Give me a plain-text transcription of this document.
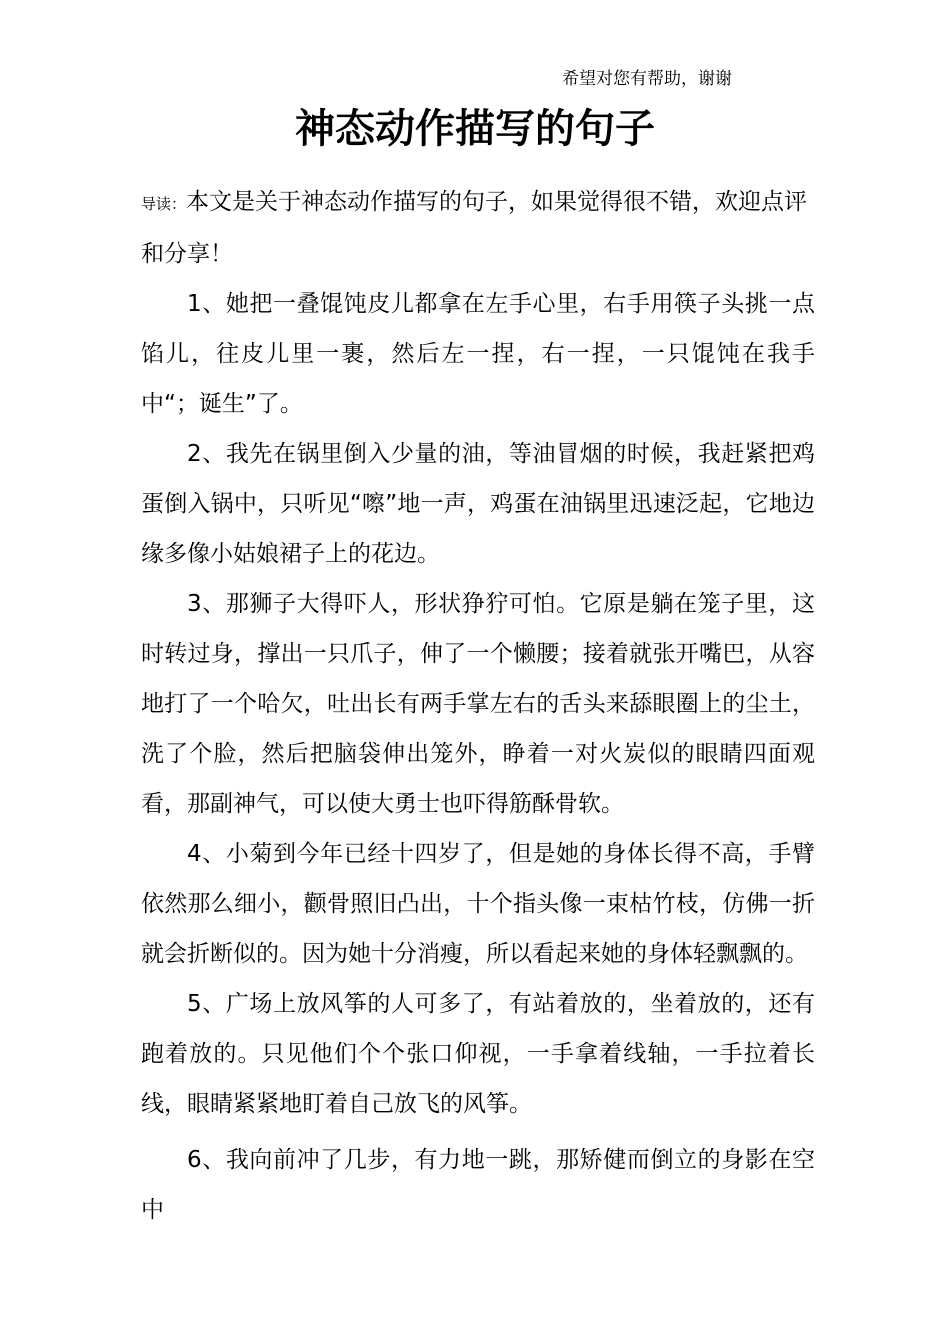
希望对您有帮助，谢谢
神态动作描写的句子

导读：本文是关于神态动作描写的句子，如果觉得很不错，欢迎点评和分享！

1、她把一叠馄饨皮儿都拿在左手心里，右手用筷子头挑一点馅儿，往皮儿里一裹，然后左一捏，右一捏，一只馄饨在我手中“；诞生”了。

2、我先在锅里倒入少量的油，等油冒烟的时候，我赶紧把鸡蛋倒入锅中，只听见“嚓”地一声，鸡蛋在油锅里迅速泛起，它地边缘多像小姑娘裙子上的花边。

3、那狮子大得吓人，形状狰狞可怕。它原是躺在笼子里，这时转过身，撑出一只爪子，伸了一个懒腰；接着就张开嘴巴，从容地打了一个哈欠，吐出长有两手掌左右的舌头来舔眼圈上的尘土，洗了个脸，然后把脑袋伸出笼外，睁着一对火炭似的眼睛四面观看，那副神气，可以使大勇士也吓得筋酥骨软。

4、小菊到今年已经十四岁了，但是她的身体长得不高，手臂依然那么细小，颧骨照旧凸出，十个指头像一束枯竹枝，仿佛一折就会折断似的。因为她十分消瘦，所以看起来她的身体轻飘飘的。

5、广场上放风筝的人可多了，有站着放的，坐着放的，还有跑着放的。只见他们个个张口仰视，一手拿着线轴，一手拉着长线，眼睛紧紧地盯着自己放飞的风筝。

6、我向前冲了几步，有力地一跳，那矫健而倒立的身影在空中
